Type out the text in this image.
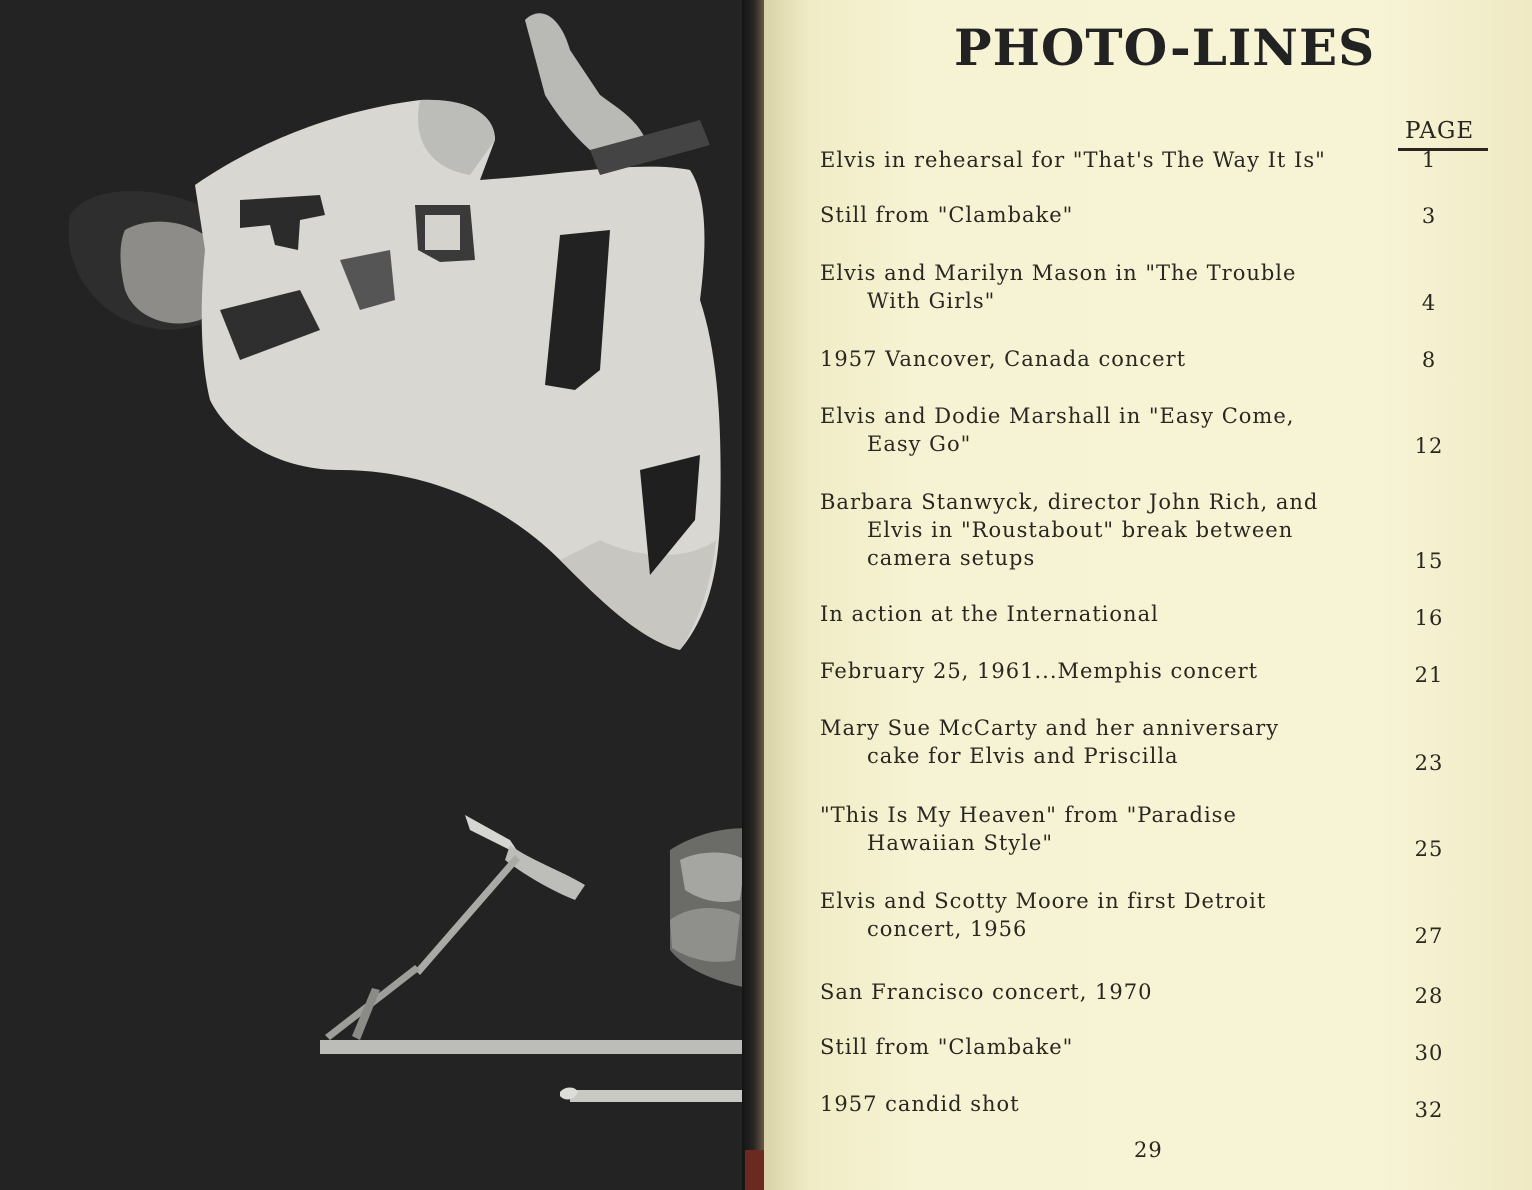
PHOTO-LINES
PAGE
Elvis in rehearsal for "That's The Way It Is"	1
Still from "Clambake"	3
Elvis and Marilyn Mason in "The Trouble
With Girls"	4
1957 Vancover, Canada concert	8
Elvis and Dodie Marshall in "Easy Come,
Easy Go"	12
Barbara Stanwyck, director John Rich, and
Elvis in "Roustabout" break between
camera setups	15
In action at the International	16
February 25, 1961...Memphis concert	21
Mary Sue McCarty and her anniversary
cake for Elvis and Priscilla	23
"This Is My Heaven" from "Paradise
Hawaiian Style"	25
Elvis and Scotty Moore in first Detroit
concert, 1956	27
San Francisco concert, 1970	28
Still from "Clambake"	30
1957 candid shot	32
29
